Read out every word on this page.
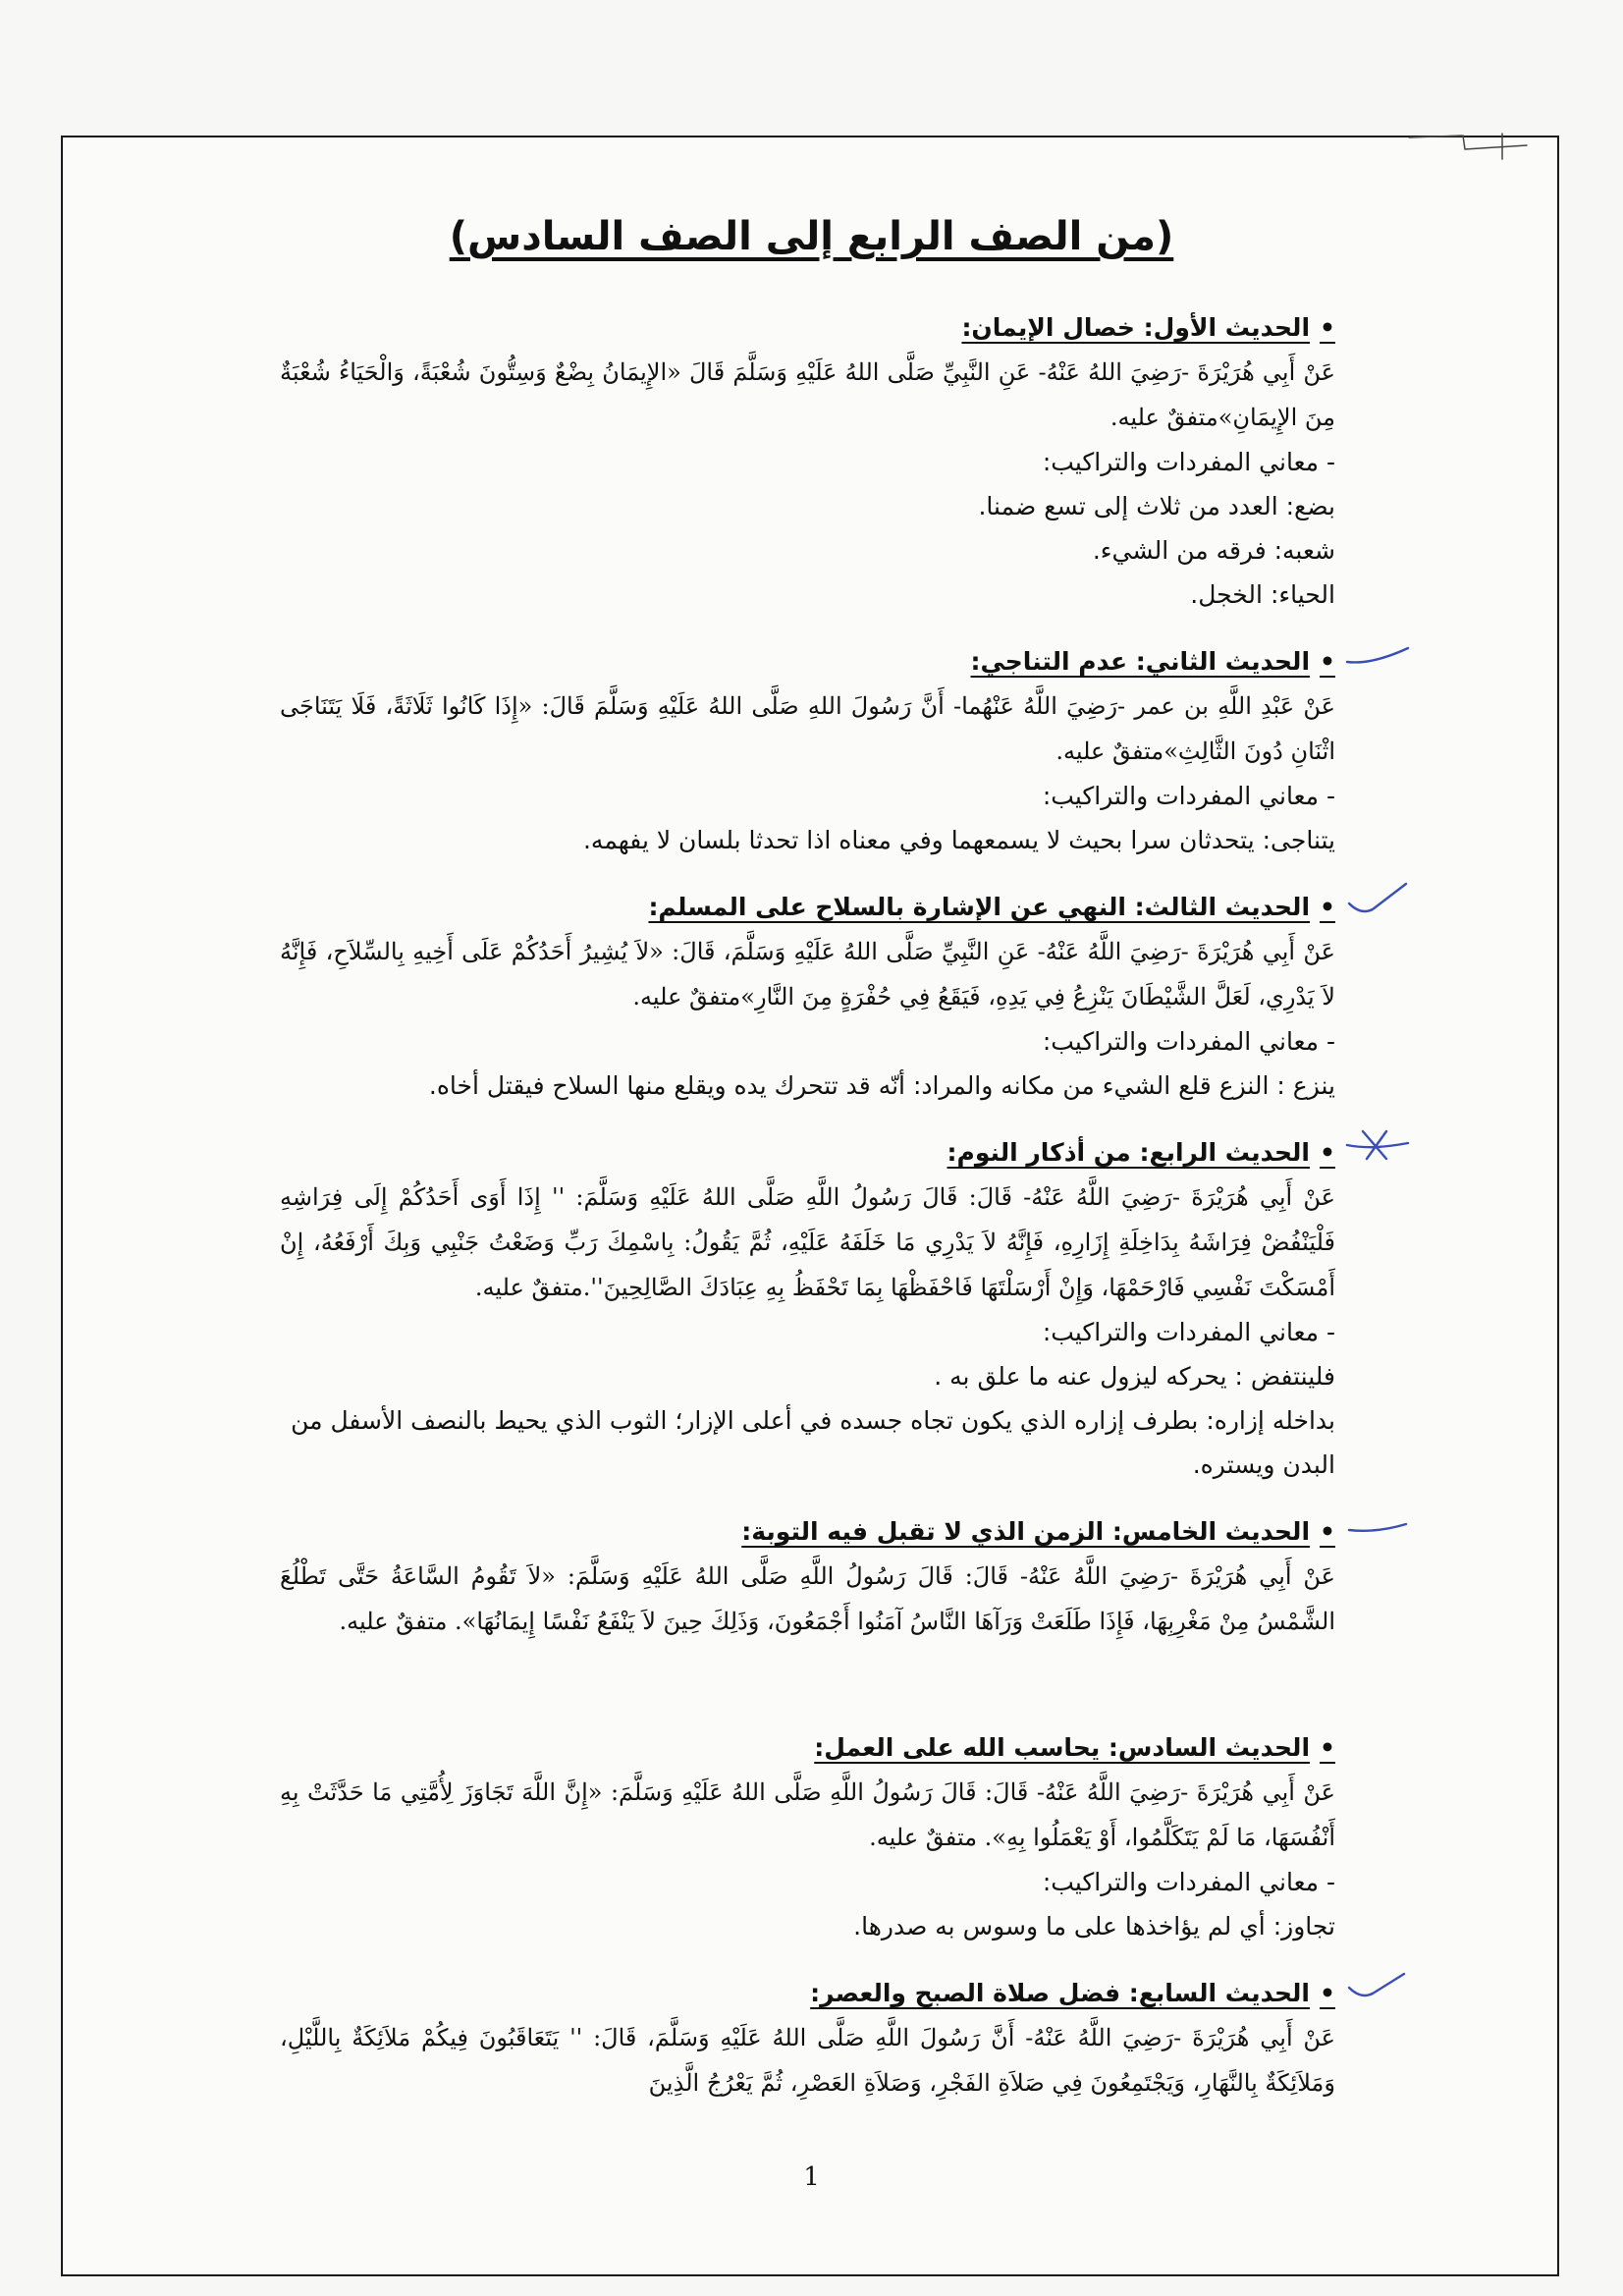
(من الصف الرابع إلى الصف السادس)
•الحديث الأول: خصال الإيمان:
عَنْ أَبِي هُرَيْرَةَ -رَضِيَ اللهُ عَنْهُ- عَنِ النَّبِيِّ صَلَّى اللهُ عَلَيْهِ وَسَلَّمَ قَالَ «الإِيمَانُ بِضْعٌ وَسِتُّونَ شُعْبَةً، وَالْحَيَاءُ شُعْبَةٌ مِنَ الإِيمَانِ»متفقٌ عليه.
- معاني المفردات والتراكيب:
بضع: العدد من ثلاث إلى تسع ضمنا.
شعبه: فرقه من الشيء.
الحياء: الخجل.
•الحديث الثاني: عدم التناجي:
عَنْ عَبْدِ اللَّهِ بن عمر -رَضِيَ اللَّهُ عَنْهُما- أَنَّ رَسُولَ اللهِ صَلَّى اللهُ عَلَيْهِ وَسَلَّمَ قَالَ: «إِذَا كَانُوا ثَلَاثَةً، فَلَا يَتَنَاجَى اثْنَانِ دُونَ الثَّالِثِ»متفقٌ عليه.
- معاني المفردات والتراكيب:
يتناجى: يتحدثان سرا بحيث لا يسمعهما وفي معناه اذا تحدثا بلسان لا يفهمه.
•الحديث الثالث: النهي عن الإشارة بالسلاح على المسلم:
عَنْ أَبِي هُرَيْرَةَ -رَضِيَ اللَّهُ عَنْهُ- عَنِ النَّبِيِّ صَلَّى اللهُ عَلَيْهِ وَسَلَّمَ، قَالَ: «لاَ يُشِيرُ أَحَدُكُمْ عَلَى أَخِيهِ بِالسِّلاَحِ، فَإِنَّهُ لاَ يَدْرِي، لَعَلَّ الشَّيْطَانَ يَنْزِعُ فِي يَدِهِ، فَيَقَعُ فِي حُفْرَةٍ مِنَ النَّارِ»متفقٌ عليه.
- معاني المفردات والتراكيب:
ينزع : النزع قلع الشيء من مكانه والمراد: أنّه قد تتحرك يده ويقلع منها السلاح فيقتل أخاه.
•الحديث الرابع: من أذكار النوم:
عَنْ أَبِي هُرَيْرَةَ -رَضِيَ اللَّهُ عَنْهُ- قَالَ: قَالَ رَسُولُ اللَّهِ صَلَّى اللهُ عَلَيْهِ وَسَلَّمَ: '' إِذَا أَوَى أَحَدُكُمْ إِلَى فِرَاشِهِ فَلْيَنْفُضْ فِرَاشَهُ بِدَاخِلَةِ إِزَارِهِ، فَإِنَّهُ لاَ يَدْرِي مَا خَلَفَهُ عَلَيْهِ، ثُمَّ يَقُولُ: بِاسْمِكَ رَبِّ وَضَعْتُ جَنْبِي وَبِكَ أَرْفَعُهُ، إِنْ أَمْسَكْتَ نَفْسِي فَارْحَمْهَا، وَإِنْ أَرْسَلْتَهَا فَاحْفَظْهَا بِمَا تَحْفَظُ بِهِ عِبَادَكَ الصَّالِحِينَ''.متفقٌ عليه.
- معاني المفردات والتراكيب:
فلينتفض : يحركه ليزول عنه ما علق به .
بداخله إزاره: بطرف إزاره الذي يكون تجاه جسده في أعلى الإزار؛ الثوب الذي يحيط بالنصف الأسفل من البدن ويستره.
•الحديث الخامس: الزمن الذي لا تقبل فيه التوبة:
عَنْ أَبِي هُرَيْرَةَ -رَضِيَ اللَّهُ عَنْهُ- قَالَ: قَالَ رَسُولُ اللَّهِ صَلَّى اللهُ عَلَيْهِ وَسَلَّمَ: «لاَ تَقُومُ السَّاعَةُ حَتَّى تَطْلُعَ الشَّمْسُ مِنْ مَغْرِبِهَا، فَإِذَا طَلَعَتْ وَرَآهَا النَّاسُ آمَنُوا أَجْمَعُونَ، وَذَلِكَ حِينَ لاَ يَنْفَعُ نَفْسًا إِيمَانُهَا». متفقٌ عليه.
•الحديث السادس: يحاسب الله على العمل:
عَنْ أَبِي هُرَيْرَةَ -رَضِيَ اللَّهُ عَنْهُ- قَالَ: قَالَ رَسُولُ اللَّهِ صَلَّى اللهُ عَلَيْهِ وَسَلَّمَ: «إِنَّ اللَّهَ تَجَاوَزَ لِأُمَّتِي مَا حَدَّثَتْ بِهِ أَنْفُسَهَا، مَا لَمْ يَتَكَلَّمُوا، أَوْ يَعْمَلُوا بِهِ». متفقٌ عليه.
- معاني المفردات والتراكيب:
تجاوز: أي لم يؤاخذها على ما وسوس به صدرها.
•الحديث السابع: فضل صلاة الصبح والعصر:
عَنْ أَبِي هُرَيْرَةَ -رَضِيَ اللَّهُ عَنْهُ- أَنَّ رَسُولَ اللَّهِ صَلَّى اللهُ عَلَيْهِ وَسَلَّمَ، قَالَ: '' يَتَعَاقَبُونَ فِيكُمْ مَلاَئِكَةٌ بِاللَّيْلِ، وَمَلاَئِكَةٌ بِالنَّهَارِ، وَيَجْتَمِعُونَ فِي صَلاَةِ الفَجْرِ، وَصَلاَةِ العَصْرِ، ثُمَّ يَعْرُجُ الَّذِينَ
1
